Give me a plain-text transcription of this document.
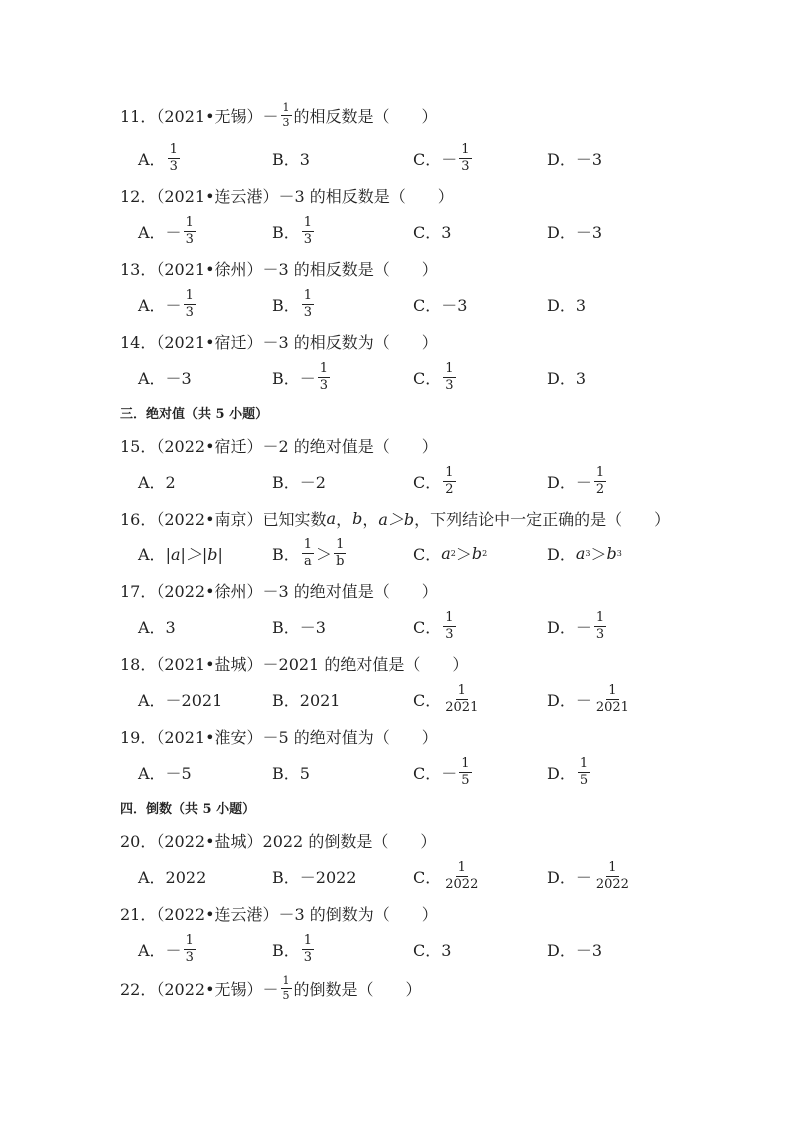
11．（2021•无锡）－ $\frac{1}{3}$ 的相反数是（　　）
A． $\frac{1}{3}$	B．3	C．－ $\frac{1}{3}$	D．－3
12．（2021•连云港）－3 的相反数是（　　）
A．－ $\frac{1}{3}$	B． $\frac{1}{3}$	C．3	D．－3
13．（2021•徐州）－3 的相反数是（　　）
A．－ $\frac{1}{3}$	B． $\frac{1}{3}$	C．－3	D．3
14．（2021•宿迁）－3 的相反数为（　　）
A．－3	B．－ $\frac{1}{3}$	C． $\frac{1}{3}$	D．3
三．绝对值（共 5 小题）
15．（2022•宿迁）－2 的绝对值是（　　）
A．2	B．－2	C． $\frac{1}{2}$	D．－ $\frac{1}{2}$
16．（2022•南京）已知实数 a ， b ， a＞b ，下列结论中一定正确的是（　　）
A． |a|＞|b|	B． $\frac{1}{a} > \frac{1}{b}$	C． a 2 ＞ b 2	D． a 3 ＞ b 3
17．（2022•徐州）－3 的绝对值是（　　）
A．3	B．－3	C． $\frac{1}{3}$	D．－ $\frac{1}{3}$
18．（2021•盐城）－2021 的绝对值是（　　）
A．－2021	B．2021	C． $\frac{1}{2021}$	D．－ $\frac{1}{2021}$
19．（2021•淮安）－5 的绝对值为（　　）
A．－5	B．5	C．－ $\frac{1}{5}$	D． $\frac{1}{5}$
四．倒数（共 5 小题）
20．（2022•盐城）2022 的倒数是（　　）
A．2022	B．－2022	C． $\frac{1}{2022}$	D．－ $\frac{1}{2022}$
21．（2022•连云港）－3 的倒数为（　　）
A．－ $\frac{1}{3}$	B． $\frac{1}{3}$	C．3	D．－3
22．（2022•无锡）－ $\frac{1}{5}$ 的倒数是（　　）
